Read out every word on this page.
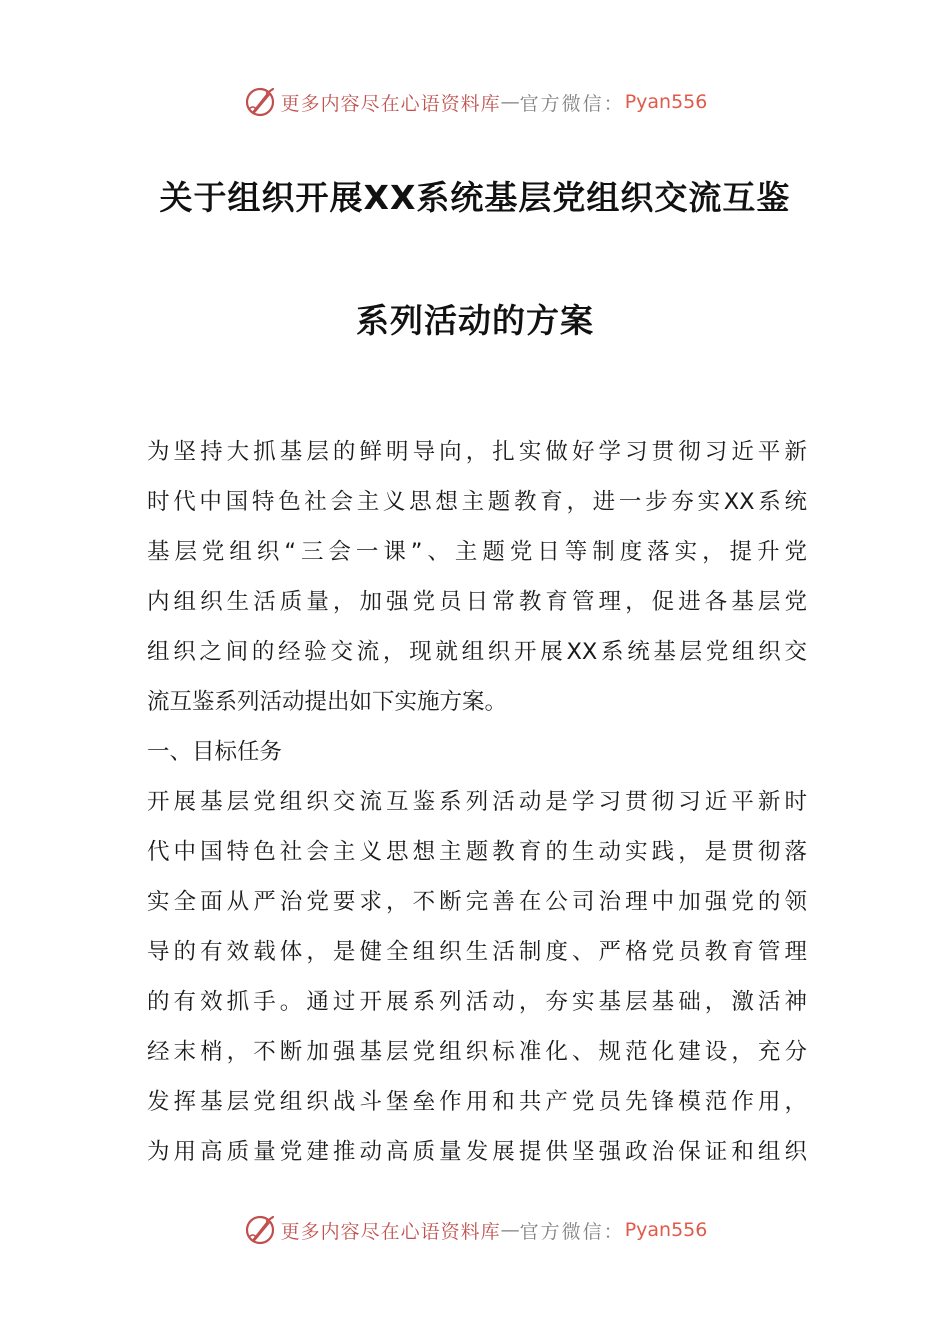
更多内容尽在心语资料库 — 官方微信： Pyan556
关于组织开展XX系统基层党组织交流互鉴
系列活动的方案
为坚持大抓基层的鲜明导向，扎实做好学习贯彻习近平新
时代中国特色社会主义思想主题教育，进一步夯实XX系统
基层党组织“三会一课”、主题党日等制度落实，提升党
内组织生活质量，加强党员日常教育管理，促进各基层党
组织之间的经验交流，现就组织开展XX系统基层党组织交
流互鉴系列活动提出如下实施方案。
一、目标任务
开展基层党组织交流互鉴系列活动是学习贯彻习近平新时
代中国特色社会主义思想主题教育的生动实践，是贯彻落
实全面从严治党要求，不断完善在公司治理中加强党的领
导的有效载体，是健全组织生活制度、严格党员教育管理
的有效抓手。通过开展系列活动，夯实基层基础，激活神
经末梢，不断加强基层党组织标准化、规范化建设，充分
发挥基层党组织战斗堡垒作用和共产党员先锋模范作用，
为用高质量党建推动高质量发展提供坚强政治保证和组织
更多内容尽在心语资料库 — 官方微信： Pyan556
